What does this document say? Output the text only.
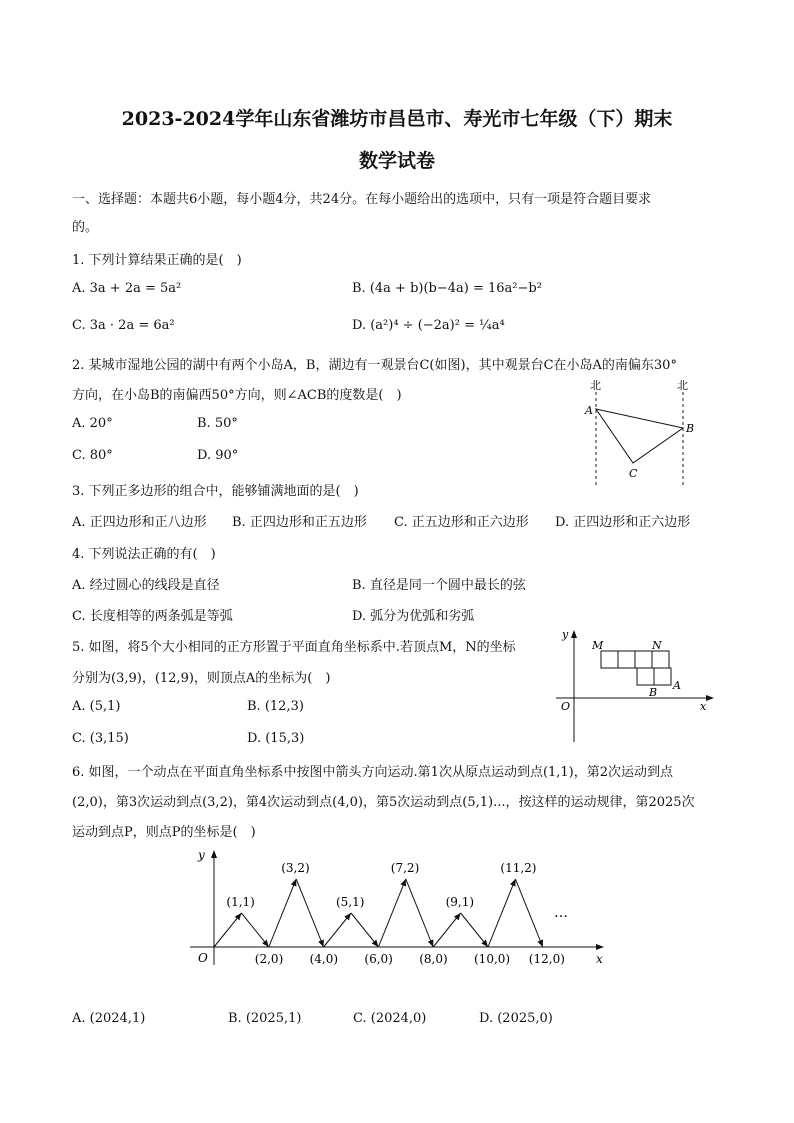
2023-2024学年山东省潍坊市昌邑市、寿光市七年级（下）期末
数学试卷
一、选择题：本题共6小题，每小题4分，共24分。在每小题给出的选项中，只有一项是符合题目要求
的。
1. 下列计算结果正确的是(　)
A. 3a + 2a = 5a²	B. (4a + b)(b−4a) = 16a²−b²
C. 3a · 2a = 6a²	D. (a²)⁴ ÷ (−2a)² = ¼a⁴
2. 某城市湿地公园的湖中有两个小岛A，B，湖边有一观景台C(如图)，其中观景台C在小岛A的南偏东30°
方向，在小岛B的南偏西50°方向，则∠ACB的度数是(　)
A. 20°	B. 50°
C. 80°	D. 90°
北	北
A
B
C
3. 下列正多边形的组合中，能够铺满地面的是(　)
A. 正四边形和正八边形 B. 正四边形和正五边形 C. 正五边形和正六边形 D. 正四边形和正六边形
4. 下列说法正确的有(　)
A. 经过圆心的线段是直径	B. 直径是同一个圆中最长的弦
C. 长度相等的两条弧是等弧	D. 弧分为优弧和劣弧
5. 如图，将5个大小相同的正方形置于平面直角坐标系中.若顶点M，N的坐标
分别为(3,9)，(12,9)，则顶点A的坐标为(　)
A. (5,1)	B. (12,3)
C. (3,15)	D. (15,3)
y
x
O
M	N
A
B
6. 如图，一个动点在平面直角坐标系中按图中箭头方向运动.第1次从原点运动到点(1,1)，第2次运动到点
(2,0)，第3次运动到点(3,2)，第4次运动到点(4,0)，第5次运动到点(5,1)...，按这样的运动规律，第2025次
运动到点P，则点P的坐标是(　)
y
x
O
…
(1,1)
(3,2)
(5,1)
(7,2)
(9,1)
(11,2)
(2,0) (4,0) (6,0) (8,0) (10,0) (12,0)
A. (2024,1)	B. (2025,1)	C. (2024,0)	D. (2025,0)
